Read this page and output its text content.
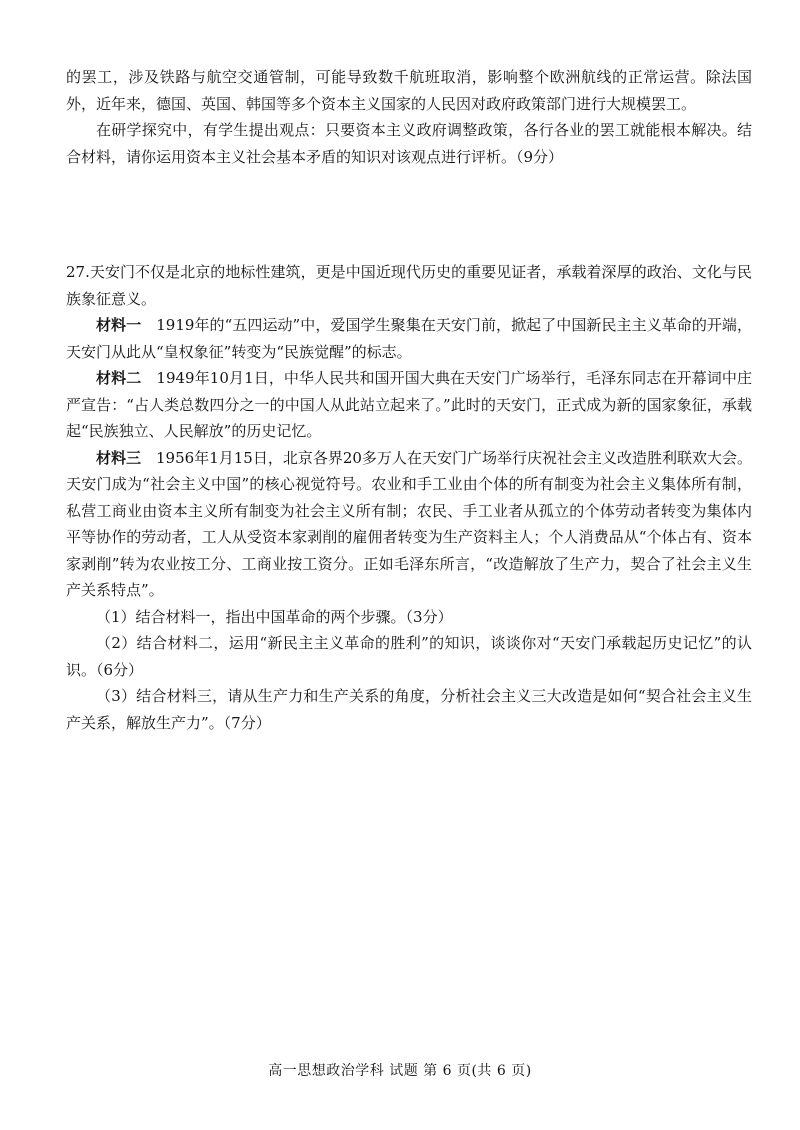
的罢工，涉及铁路与航空交通管制，可能导致数千航班取消，影响整个欧洲航线的正常运营。除法国外，近年来，德国、英国、韩国等多个资本主义国家的人民因对政府政策部门进行大规模罢工。

在研学探究中，有学生提出观点：只要资本主义政府调整政策，各行各业的罢工就能根本解决。结合材料，请你运用资本主义社会基本矛盾的知识对该观点进行评析。（9分）

27.天安门不仅是北京的地标性建筑，更是中国近现代历史的重要见证者，承载着深厚的政治、文化与民族象征意义。

材料一　1919年的“五四运动”中，爱国学生聚集在天安门前，掀起了中国新民主主义革命的开端，天安门从此从“皇权象征”转变为“民族觉醒”的标志。

材料二　1949年10月1日，中华人民共和国开国大典在天安门广场举行，毛泽东同志在开幕词中庄严宣告：“占人类总数四分之一的中国人从此站立起来了。”此时的天安门，正式成为新的国家象征，承载起“民族独立、人民解放”的历史记忆。

材料三　1956年1月15日，北京各界20多万人在天安门广场举行庆祝社会主义改造胜利联欢大会。天安门成为“社会主义中国”的核心视觉符号。农业和手工业由个体的所有制变为社会主义集体所有制，私营工商业由资本主义所有制变为社会主义所有制；农民、手工业者从孤立的个体劳动者转变为集体内平等协作的劳动者，工人从受资本家剥削的雇佣者转变为生产资料主人；个人消费品从“个体占有、资本家剥削”转为农业按工分、工商业按工资分。正如毛泽东所言，“改造解放了生产力，契合了社会主义生产关系特点”。

（1）结合材料一，指出中国革命的两个步骤。（3分）

（2）结合材料二，运用“新民主主义革命的胜利”的知识，谈谈你对“天安门承载起历史记忆”的认识。（6分）

（3）结合材料三，请从生产力和生产关系的角度，分析社会主义三大改造是如何“契合社会主义生产关系，解放生产力”。（7分）

高一思想政治学科 试题 第 6 页(共 6 页)
